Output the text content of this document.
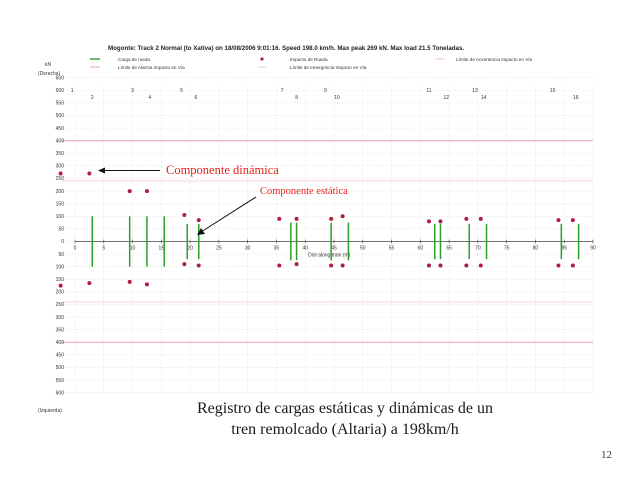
Mogonte: Track 2 Normal (to Xativa) on 18/08/2006 9:01:16. Speed 198.0 km/h. Max peak 269 kN. Max load 21.5 Toneladas.
Carga de rueda
Límite de Alarma Impacto en Vía
Impacto de Rueda
Límite de emergencia Impacto en Vía
Límite de Acvertencia Impacto en Vía
kN
(Derecha)
(Izquierda)
650
600
550
500
450
400
350
300
250
200
150
100
50
0
50
100
150
200
250
300
350
400
450
500
550
600
0	5	10	15	20	25	30	35	40	45	50	55	60	65	70	75	80	85	90
Dist along train (m)
1
2
3
4
5
6
7
8
9
10
11
12
13
14
15
16
Componente dinámica
Componente estática
Registro de cargas estáticas y dinámicas de un
tren remolcado (Altaria) a 198km/h
12
